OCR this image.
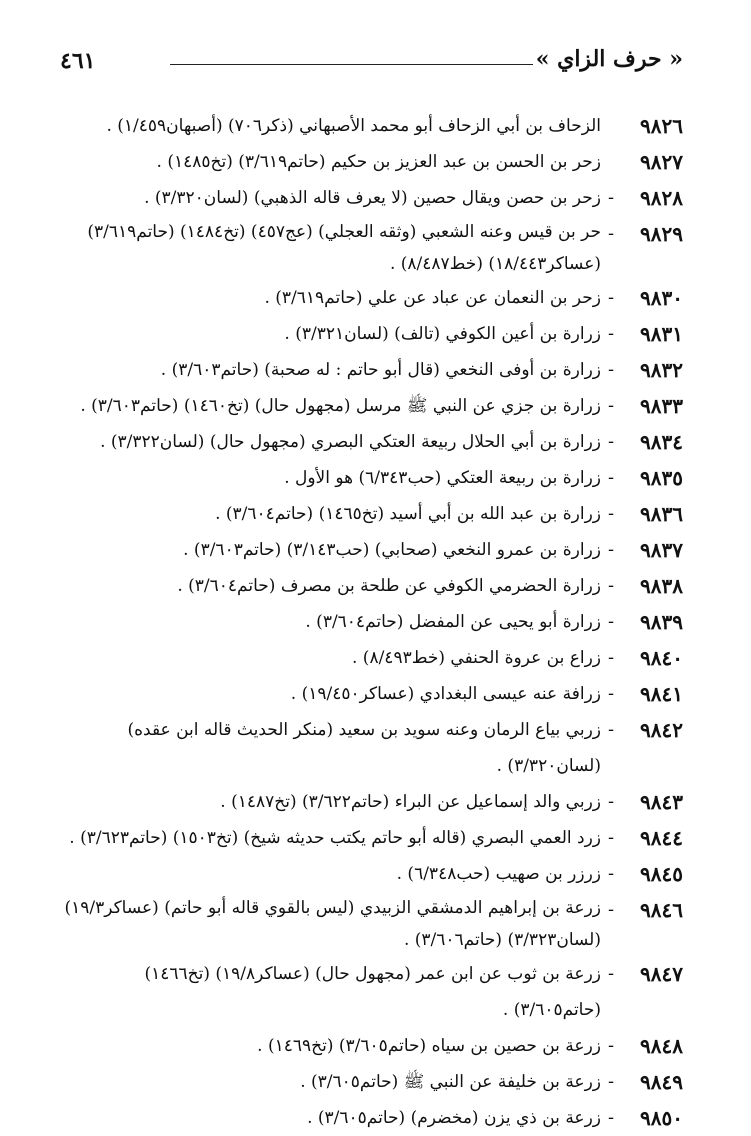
٤٦١	« حرف الزاي »
٩٨٢٦
الزحاف بن أبي الزحاف أبو محمد الأصبهاني (ذكر٧٠٦) (أصبهان١/٤٥٩) .
٩٨٢٧
زحر بن الحسن بن عبد العزيز بن حكيم (حاتم٣/٦١٩) (تخ١٤٨٥) .
٩٨٢٨
-
زحر بن حصن ويقال حصين (لا يعرف قاله الذهبي) (لسان٣/٣٢٠) .
٩٨٢٩
-
حر بن قيس وعنه الشعبي (وثقه العجلي) (عج٤٥٧) (تخ١٤٨٤) (حاتم٣/٦١٩) (عساكر١٨/٤٤٣) (خط٨/٤٨٧) .
٩٨٣٠
-
زحر بن النعمان عن عباد عن علي (حاتم٣/٦١٩) .
٩٨٣١
-
زرارة بن أعين الكوفي (تالف) (لسان٣/٣٢١) .
٩٨٣٢
-
زرارة بن أوفى النخعي (قال أبو حاتم : له صحبة) (حاتم٣/٦٠٣) .
٩٨٣٣
-
زرارة بن جزي عن النبي ﷺ مرسل (مجهول حال) (تخ١٤٦٠) (حاتم٣/٦٠٣) .
٩٨٣٤
-
زرارة بن أبي الحلال ربيعة العتكي البصري (مجهول حال) (لسان٣/٣٢٢) .
٩٨٣٥
-
زرارة بن ربيعة العتكي (حب٦/٣٤٣) هو الأول .
٩٨٣٦
-
زرارة بن عبد الله بن أبي أسيد (تخ١٤٦٥) (حاتم٣/٦٠٤) .
٩٨٣٧
-
زرارة بن عمرو النخعي (صحابي) (حب٣/١٤٣) (حاتم٣/٦٠٣) .
٩٨٣٨
-
زرارة الحضرمي الكوفي عن طلحة بن مصرف (حاتم٣/٦٠٤) .
٩٨٣٩
-
زرارة أبو يحيى عن المفضل (حاتم٣/٦٠٤) .
٩٨٤٠
-
زراع بن عروة الحنفي (خط٨/٤٩٣) .
٩٨٤١
-
زرافة عنه عيسى البغدادي (عساكر١٩/٤٥٠) .
٩٨٤٢
-
زربي بياع الرمان وعنه سويد بن سعيد (منكر الحديث قاله ابن عقده) (لسان٣/٣٢٠) .
٩٨٤٣
-
زربي والد إسماعيل عن البراء (حاتم٣/٦٢٢) (تخ١٤٨٧) .
٩٨٤٤
-
زرد العمي البصري (قاله أبو حاتم يكتب حديثه شيخ) (تخ١٥٠٣) (حاتم٣/٦٢٣) .
٩٨٤٥
-
زرزر بن صهيب (حب٦/٣٤٨) .
٩٨٤٦
-
زرعة بن إبراهيم الدمشقي الزبيدي (ليس بالقوي قاله أبو حاتم) (عساكر١٩/٣) (لسان٣/٣٢٣) (حاتم٣/٦٠٦) .
٩٨٤٧
-
زرعة بن ثوب عن ابن عمر (مجهول حال) (عساكر١٩/٨) (تخ١٤٦٦) (حاتم٣/٦٠٥) .
٩٨٤٨
-
زرعة بن حصين بن سياه (حاتم٣/٦٠٥) (تخ١٤٦٩) .
٩٨٤٩
-
زرعة بن خليفة عن النبي ﷺ (حاتم٣/٦٠٥) .
٩٨٥٠
-
زرعة بن ذي يزن (مخضرم) (حاتم٣/٦٠٥) .
